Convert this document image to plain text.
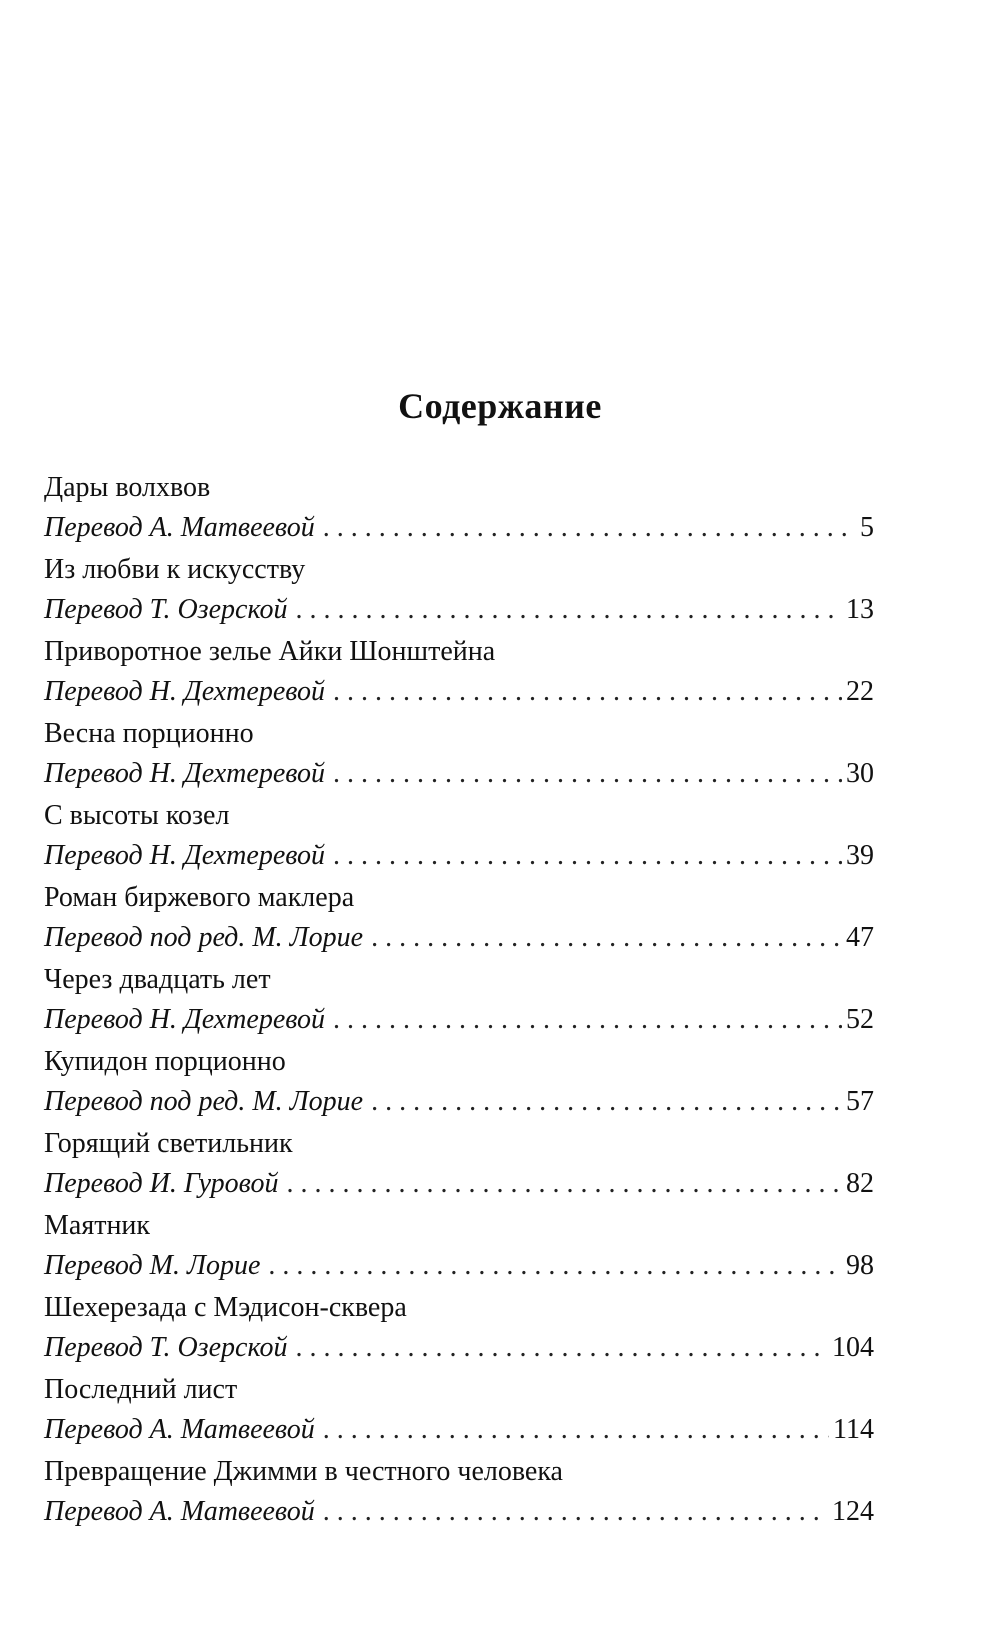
Содержание
Дары волхвов
Перевод А. Матвеевой . . .	5
Из любви к искусству
Перевод Т. Озерской . . .	13
Приворотное зелье Айки Шонштейна
Перевод Н. Дехтеревой . . .	22
Весна порционно
Перевод Н. Дехтеревой . . .	30
С высоты козел
Перевод Н. Дехтеревой . . .	39
Роман биржевого маклера
Перевод под ред. М. Лорие . . .	47
Через двадцать лет
Перевод Н. Дехтеревой . . .	52
Купидон порционно
Перевод под ред. М. Лорие . . .	57
Горящий светильник
Перевод И. Гуровой . . .	82
Маятник
Перевод М. Лорие . . .	98
Шехерезада с Мэдисон-сквера
Перевод Т. Озерской . . .	104
Последний лист
Перевод А. Матвеевой . . .	114
Превращение Джимми в честного человека
Перевод А. Матвеевой . . .	124
